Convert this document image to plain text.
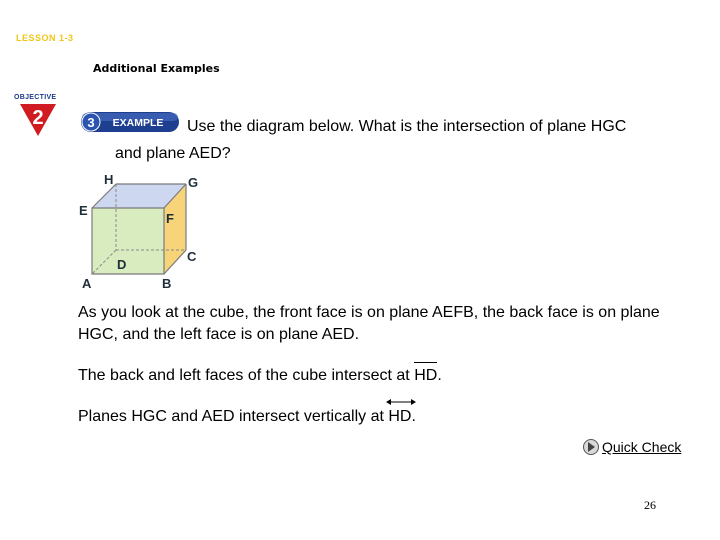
LESSON 1-3
Additional Examples
OBJECTIVE
2	3 EXAMPLE Use the diagram below. What is the intersection of plane HGC
and plane AED?
H	G
E
F
D
C
A	B
As you look at the cube, the front face is on plane AEFB, the back face is on plane HGC, and the left face is on plane AED.
The back and left faces of the cube intersect at
HD.
Planes HGC and AED intersect vertically at
HD.
Quick Check
26
